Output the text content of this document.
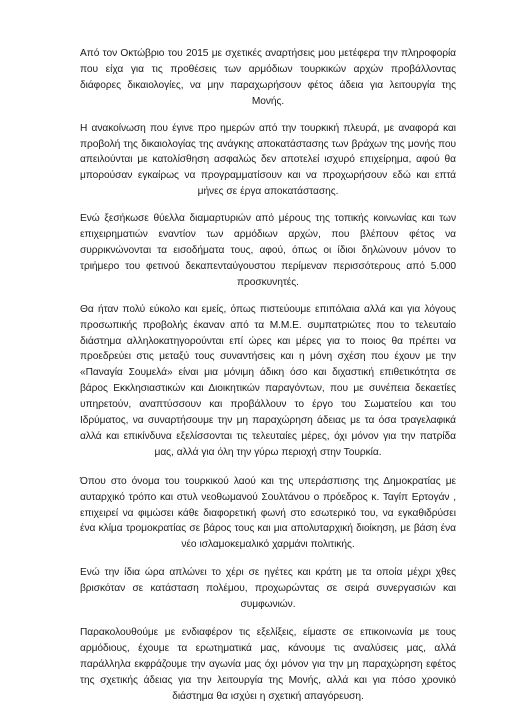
Από τον Οκτώβριο του 2015 με σχετικές αναρτήσεις μου μετέφερα την πληροφορία που είχα για τις προθέσεις των αρμόδιων τουρκικών αρχών προβάλλοντας διάφορες δικαιολογίες, να μην παραχωρήσουν φέτος άδεια για λειτουργία της Μονής.

Η ανακοίνωση που έγινε προ ημερών από την τουρκική πλευρά, με αναφορά και προβολή της δικαιολογίας της ανάγκης αποκατάστασης των βράχων της μονής που απειλούνται με κατολίσθηση ασφαλώς δεν αποτελεί ισχυρό επιχείρημα, αφού θα μπορούσαν εγκαίρως να προγραμματίσουν και να προχωρήσουν εδώ και επτά μήνες σε έργα αποκατάστασης.

Ενώ ξεσήκωσε θύελλα διαμαρτυριών από μέρους της τοπικής κοινωνίας και των επιχειρηματιών εναντίον των αρμόδιων αρχών, που βλέπουν φέτος να συρρικνώνονται τα εισοδήματα τους, αφού, όπως οι ίδιοι δηλώνουν μόνον το τριήμερο του φετινού δεκαπενταύγουστου περίμεναν περισσότερους από 5.000 προσκυνητές.

Θα ήταν πολύ εύκολο και εμείς, όπως πιστεύουμε επιπόλαια αλλά και για λόγους προσωπικής προβολής έκαναν από τα Μ.Μ.Ε. συμπατριώτες που το τελευταίο διάστημα αλληλοκατηγορούνται επί ώρες και μέρες για το ποιος θα πρέπει να προεδρεύει στις μεταξύ τους συναντήσεις και η μόνη σχέση που έχουν με την «Παναγία Σουμελά» είναι μια μόνιμη άδικη όσο και διχαστική επιθετικότητα σε βάρος Εκκλησιαστικών και Διοικητικών παραγόντων, που με συνέπεια δεκαετίες υπηρετούν, αναπτύσσουν και προβάλλουν το έργο του Σωματείου και του Ιδρύματος, να συναρτήσουμε την μη παραχώρηση άδειας με τα όσα τραγελαφικά αλλά και επικίνδυνα εξελίσσονται τις τελευταίες μέρες, όχι μόνον για την πατρίδα μας, αλλά για όλη την γύρω περιοχή στην Τουρκία.

Όπου στο όνομα του τουρκικού λαού και της υπεράσπισης της Δημοκρατίας με αυταρχικό τρόπο και στυλ νεοθωμανού Σουλτάνου ο πρόεδρος κ. Ταγίπ Ερτογάν , επιχειρεί να φιμώσει κάθε διαφορετική φωνή στο εσωτερικό του, να εγκαθιδρύσει ένα κλίμα τρομοκρατίας σε βάρος τους και μια απολυταρχική διοίκηση, με βάση ένα νέο ισλαμοκεμαλικό χαρμάνι πολιτικής.

Ενώ την ίδια ώρα απλώνει το χέρι σε ηγέτες και κράτη με τα οποία μέχρι χθες βρισκόταν σε κατάσταση πολέμου, προχωρώντας σε σειρά συνεργασιών και συμφωνιών.

Παρακολουθούμε με ενδιαφέρον τις εξελίξεις, είμαστε σε επικοινωνία με τους αρμόδιους, έχουμε τα ερωτηματικά μας, κάνουμε τις αναλύσεις μας, αλλά παράλληλα εκφράζουμε την αγωνία μας όχι μόνον για την μη παραχώρηση εφέτος της σχετικής άδειας για την λειτουργία της Μονής, αλλά και για πόσο χρονικό διάστημα θα ισχύει η σχετική απαγόρευση.
